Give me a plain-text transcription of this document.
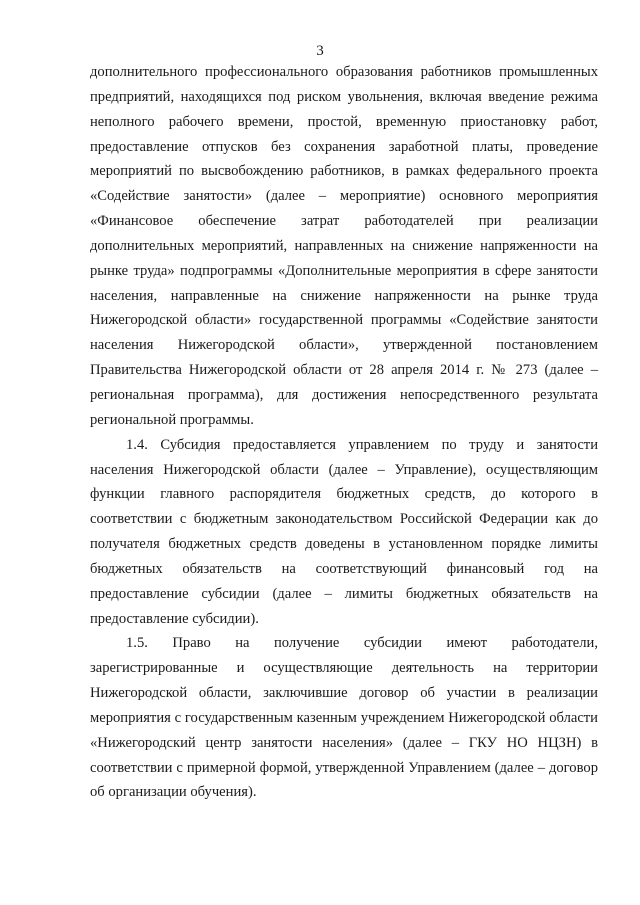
3

дополнительного профессионального образования работников промышленных предприятий, находящихся под риском увольнения, включая введение режима неполного рабочего времени, простой, временную приостановку работ, предоставление отпусков без сохранения заработной платы, проведение мероприятий по высвобождению работников, в рамках федерального проекта «Содействие занятости» (далее – мероприятие) основного мероприятия «Финансовое обеспечение затрат работодателей при реализации дополнительных мероприятий, направленных на снижение напряженности на рынке труда» подпрограммы «Дополнительные мероприятия в сфере занятости населения, направленные на снижение напряженности на рынке труда Нижегородской области» государственной программы «Содействие занятости населения Нижегородской области», утвержденной постановлением Правительства Нижегородской области от 28 апреля 2014 г. № 273 (далее – региональная программа), для достижения непосредственного результата региональной программы.

1.4. Субсидия предоставляется управлением по труду и занятости населения Нижегородской области (далее – Управление), осуществляющим функции главного распорядителя бюджетных средств, до которого в соответствии с бюджетным законодательством Российской Федерации как до получателя бюджетных средств доведены в установленном порядке лимиты бюджетных обязательств на соответствующий финансовый год на предоставление субсидии (далее – лимиты бюджетных обязательств на предоставление субсидии).

1.5. Право на получение субсидии имеют работодатели, зарегистрированные и осуществляющие деятельность на территории Нижегородской области, заключившие договор об участии в реализации мероприятия с государственным казенным учреждением Нижегородской области «Нижегородский центр занятости населения» (далее – ГКУ НО НЦЗН) в соответствии с примерной формой, утвержденной Управлением (далее – договор об организации обучения).
